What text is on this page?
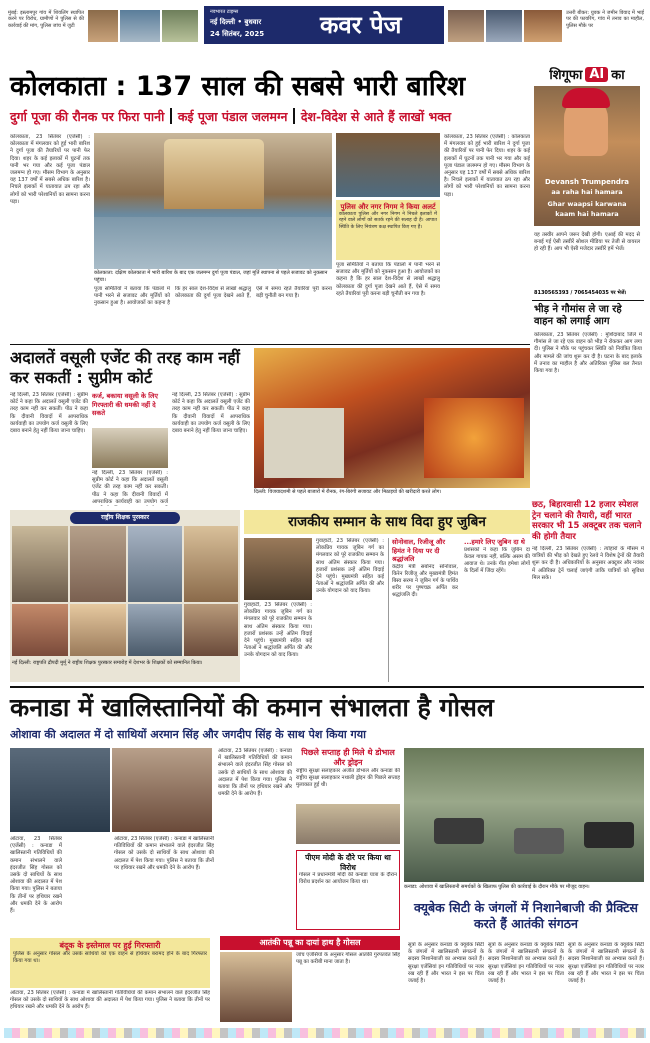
मुंबई: इस्लामपुर गांव में शिवलिंग स्थापित करने पर विरोध, ग्रामीणों ने पुलिस से की कार्रवाई की मांग, पुलिस जांच में जुटी
उत्तरी बीकर: युवक ने जमीन विवाद में भाई पर की फायरिंग, गांव में तनाव का माहौल, पुलिस मौके पर
नवभारत टाइम्स
नई दिल्ली • बुधवार
24 सितंबर, 2025 कवर पेज
कोलकाता : 137 साल की सबसे भारी बारिश
दुर्गा पूजा की रौनक पर फिरा पानी कई पूजा पंडाल जलमग्न देश-विदेश से आते हैं लाखों भक्त
कोलकाता, 23 सितंबर (एजेंसी) : कोलकाता में मंगलवार को हुई भारी बारिश ने दुर्गा पूजा की तैयारियों पर पानी फेर दिया। शहर के कई इलाकों में घुटनों तक पानी भर गया और कई पूजा पंडाल जलमग्न हो गए। मौसम विभाग के अनुसार यह 137 वर्षों में सबसे अधिक बारिश है। निचले इलाकों में यातायात ठप रहा और लोगों को भारी परेशानियों का सामना करना पड़ा।
कोलकाता: दक्षिण कोलकाता में भारी बारिश के बाद एक जलमग्न दुर्गा पूजा पंडाल, जहां मूर्ति स्थापना से पहले सजावट को नुकसान पहुंचा।
पूजा समितियों ने बताया कि पंडालों में पानी भरने से सजावट और मूर्तियों को नुकसान हुआ है। आयोजकों का कहना है कि हर साल देश-विदेश से लाखों श्रद्धालु कोलकाता की दुर्गा पूजा देखने आते हैं, ऐसे में समय रहते तैयारियां पूरी करना बड़ी चुनौती बन गया है।
पुलिस और नगर निगम ने किया अलर्ट
कोलकाता पुलिस और नगर निगम ने निचले इलाकों में रहने वाले लोगों को सतर्क रहने की सलाह दी है। आपात स्थिति के लिए नियंत्रण कक्ष स्थापित किए गए हैं।
पूजा समितियों ने बताया कि पंडालों में पानी भरने से सजावट और मूर्तियों को नुकसान हुआ है। आयोजकों का कहना है कि हर साल देश-विदेश से लाखों श्रद्धालु कोलकाता की दुर्गा पूजा देखने आते हैं, ऐसे में समय रहते तैयारियां पूरी करना बड़ी चुनौती बन गया है।
कोलकाता, 23 सितंबर (एजेंसी) : कोलकाता में मंगलवार को हुई भारी बारिश ने दुर्गा पूजा की तैयारियों पर पानी फेर दिया। शहर के कई इलाकों में घुटनों तक पानी भर गया और कई पूजा पंडाल जलमग्न हो गए। मौसम विभाग के अनुसार यह 137 वर्षों में सबसे अधिक बारिश है। निचले इलाकों में यातायात ठप रहा और लोगों को भारी परेशानियों का सामना करना पड़ा।
शिगूफा AI का
Devansh Trumpendra
aa raha hai hamara
Ghar waapsi karwana
kaam hai hamara
यह तस्वीर आपने जरूर देखी होगी। एआई की मदद से बनाई गई ऐसी तस्वीरें सोशल मीडिया पर तेजी से वायरल हो रही हैं। आप भी ऐसी मजेदार तस्वीरें हमें भेजें।
8130565393 / 7065454035 पर भेजें।
भीड़ ने गौमांस ले जा रहे वाहन को लगाई आग
कोलकाता, 23 सितंबर (एजेंसी) : मुर्शिदाबाद जिले में गौमांस ले जा रहे एक वाहन को भीड़ ने रोककर आग लगा दी। पुलिस ने मौके पर पहुंचकर स्थिति को नियंत्रित किया और मामले की जांच शुरू कर दी है। घटना के बाद इलाके में तनाव का माहौल है और अतिरिक्त पुलिस बल तैनात किया गया है।
अदालतें वसूली एजेंट की तरह काम नहीं कर सकतीं : सुप्रीम कोर्ट
नई दिल्ली, 23 सितंबर (एजेंसी) : सुप्रीम कोर्ट ने कहा कि अदालतें वसूली एजेंट की तरह काम नहीं कर सकतीं। पीठ ने कहा कि दीवानी विवादों में आपराधिक कार्यवाही का उपयोग कर्ज वसूली के लिए दबाव बनाने हेतु नहीं किया जाना चाहिए।
कर्ज, बकाया वसूली के लिए गिरफ्तारी की धमकी नहीं दे सकते
नई दिल्ली, 23 सितंबर (एजेंसी) : सुप्रीम कोर्ट ने कहा कि अदालतें वसूली एजेंट की तरह काम नहीं कर सकतीं। पीठ ने कहा कि दीवानी विवादों में आपराधिक कार्यवाही का उपयोग कर्ज
नई दिल्ली, 23 सितंबर (एजेंसी) : सुप्रीम कोर्ट ने कहा कि अदालतें वसूली एजेंट की तरह काम नहीं कर सकतीं। पीठ ने कहा कि दीवानी विवादों में आपराधिक कार्यवाही का उपयोग कर्ज वसूली के लिए दबाव बनाने हेतु नहीं किया जाना चाहिए।
दिल्ली: विजयादशमी से पहले बाजारों में रौनक, रंग-बिरंगी सजावट और मिठाइयों की खरीदारी करते लोग।
छठ, बिहारवासी 12 हजार स्पेशल ट्रेन चलाने की तैयारी, वहीं भारत सरकार भी 15 अक्टूबर तक चलाने की होगी तैयार
नई दिल्ली, 23 सितंबर (एजेंसी) : त्योहारों के मौसम में यात्रियों की भीड़ को देखते हुए रेलवे ने विशेष ट्रेनों की तैयारी शुरू कर दी है। अधिकारियों के अनुसार अक्टूबर और नवंबर में अतिरिक्त ट्रेनें चलाई जाएंगी ताकि यात्रियों को सुविधा मिल सके।
राष्ट्रीय शिक्षक पुरस्कार
नई दिल्ली: राष्ट्रपति द्रौपदी मुर्मू ने राष्ट्रीय शिक्षक पुरस्कार समारोह में देशभर के शिक्षकों को सम्मानित किया।
राजकीय सम्मान के साथ विदा हुए जुबिन
गुवाहाटी, 23 सितंबर (एजेंसी) : लोकप्रिय गायक जुबिन गर्ग का मंगलवार को पूरे राजकीय सम्मान के साथ अंतिम संस्कार किया गया। हजारों प्रशंसक उन्हें अंतिम विदाई देने पहुंचे। मुख्यमंत्री सहित कई नेताओं ने श्रद्धांजलि अर्पित की और उनके योगदान को याद किया।
गुवाहाटी, 23 सितंबर (एजेंसी) : लोकप्रिय गायक जुबिन गर्ग का मंगलवार को पूरे राजकीय सम्मान के साथ अंतिम संस्कार किया गया। हजारों प्रशंसक उन्हें अंतिम विदाई देने पहुंचे। मुख्यमंत्री सहित कई नेताओं ने श्रद्धांजलि अर्पित की और उनके योगदान को याद किया।
सोनोवाल, रिजीजू और हिमंत ने दिया पर दी श्रद्धांजलि
केंद्रीय मंत्री सर्बानंद सोनोवाल, किरेन रिजीजू और मुख्यमंत्री हिमंत बिस्व सरमा ने जुबिन गर्ग के पार्थिव शरीर पर पुष्पचक्र अर्पित कर श्रद्धांजलि दी।
...हमारे लिए जुबिन दा थे
प्रशंसकों ने कहा कि जुबिन दा केवल गायक नहीं, बल्कि असम की आवाज थे। उनके गीत हमेशा लोगों के दिलों में जिंदा रहेंगे।
कनाडा में खालिस्तानियों की कमान संभालता है गोसल
ओशावा की अदालत में दो साथियों अरमान सिंह और जगदीप सिंह के साथ पेश किया गया
ओटावा, 23 सितंबर (एजेंसी) : कनाडा में खालिस्तानी गतिविधियों की कमान संभालने वाले इंदरजीत सिंह गोसल को उसके दो साथियों के साथ ओशावा की अदालत में पेश किया गया। पुलिस ने बताया कि तीनों पर हथियार रखने और धमकी देने के आरोप हैं।
ओटावा, 23 सितंबर (एजेंसी) : कनाडा में खालिस्तानी गतिविधियों की कमान संभालने वाले इंदरजीत सिंह गोसल को उसके दो साथियों के साथ ओशावा की अदालत में पेश किया गया। पुलिस ने बताया कि तीनों पर हथियार रखने और धमकी देने के आरोप हैं।
ओटावा, 23 सितंबर (एजेंसी) : कनाडा में खालिस्तानी गतिविधियों की कमान संभालने वाले इंदरजीत सिंह गोसल को उसके दो साथियों के साथ ओशावा की अदालत में पेश किया गया। पुलिस ने बताया कि तीनों पर हथियार रखने और धमकी देने के आरोप हैं।
पिछले सप्ताह ही मिले थे डोभाल और ड्रोइन
राष्ट्रीय सुरक्षा सलाहकार अजीत डोभाल और कनाडा की राष्ट्रीय सुरक्षा सलाहकार नथाली ड्रोइन की पिछले सप्ताह मुलाकात हुई थी।
पीएम मोदी के दौरे पर किया था विरोध
गोसल ने प्रधानमंत्री मोदी की कनाडा यात्रा के दौरान विरोध प्रदर्शन का आयोजन किया था।
कनाडा: ओशावा में खालिस्तानी समर्थकों के खिलाफ पुलिस की कार्रवाई के दौरान मौके पर मौजूद वाहन।
बंदूक के इस्तेमाल पर हुई गिरफ्तारी
पुलिस के अनुसार गोसल और उसके साथियों को एक वाहन से हथियार बरामद होने के बाद गिरफ्तार किया गया था।
आतंकी पन्नू का दायां हाथ है गोसल
जांच एजेंसियों के अनुसार गोसल आतंकी गुरपतवंत सिंह पन्नू का करीबी माना जाता है।
ओटावा, 23 सितंबर (एजेंसी) : कनाडा में खालिस्तानी गतिविधियों की कमान संभालने वाले इंदरजीत सिंह गोसल को उसके दो साथियों के साथ ओशावा की अदालत में पेश किया गया। पुलिस ने बताया कि तीनों पर हथियार रखने और धमकी देने के आरोप हैं।
क्यूबेक सिटी के जंगलों में निशानेबाजी की प्रैक्टिस करते हैं आतंकी संगठन
सूत्रों के अनुसार कनाडा के क्यूबेक सिटी के जंगलों में खालिस्तानी संगठनों के सदस्य निशानेबाजी का अभ्यास करते हैं। सुरक्षा एजेंसियां इन गतिविधियों पर नजर रख रही हैं और भारत ने इस पर चिंता जताई है।
सूत्रों के अनुसार कनाडा के क्यूबेक सिटी के जंगलों में खालिस्तानी संगठनों के सदस्य निशानेबाजी का अभ्यास करते हैं। सुरक्षा एजेंसियां इन गतिविधियों पर नजर रख रही हैं और भारत ने इस पर चिंता जताई है।
सूत्रों के अनुसार कनाडा के क्यूबेक सिटी के जंगलों में खालिस्तानी संगठनों के सदस्य निशानेबाजी का अभ्यास करते हैं। सुरक्षा एजेंसियां इन गतिविधियों पर नजर रख रही हैं और भारत ने इस पर चिंता जताई है।
